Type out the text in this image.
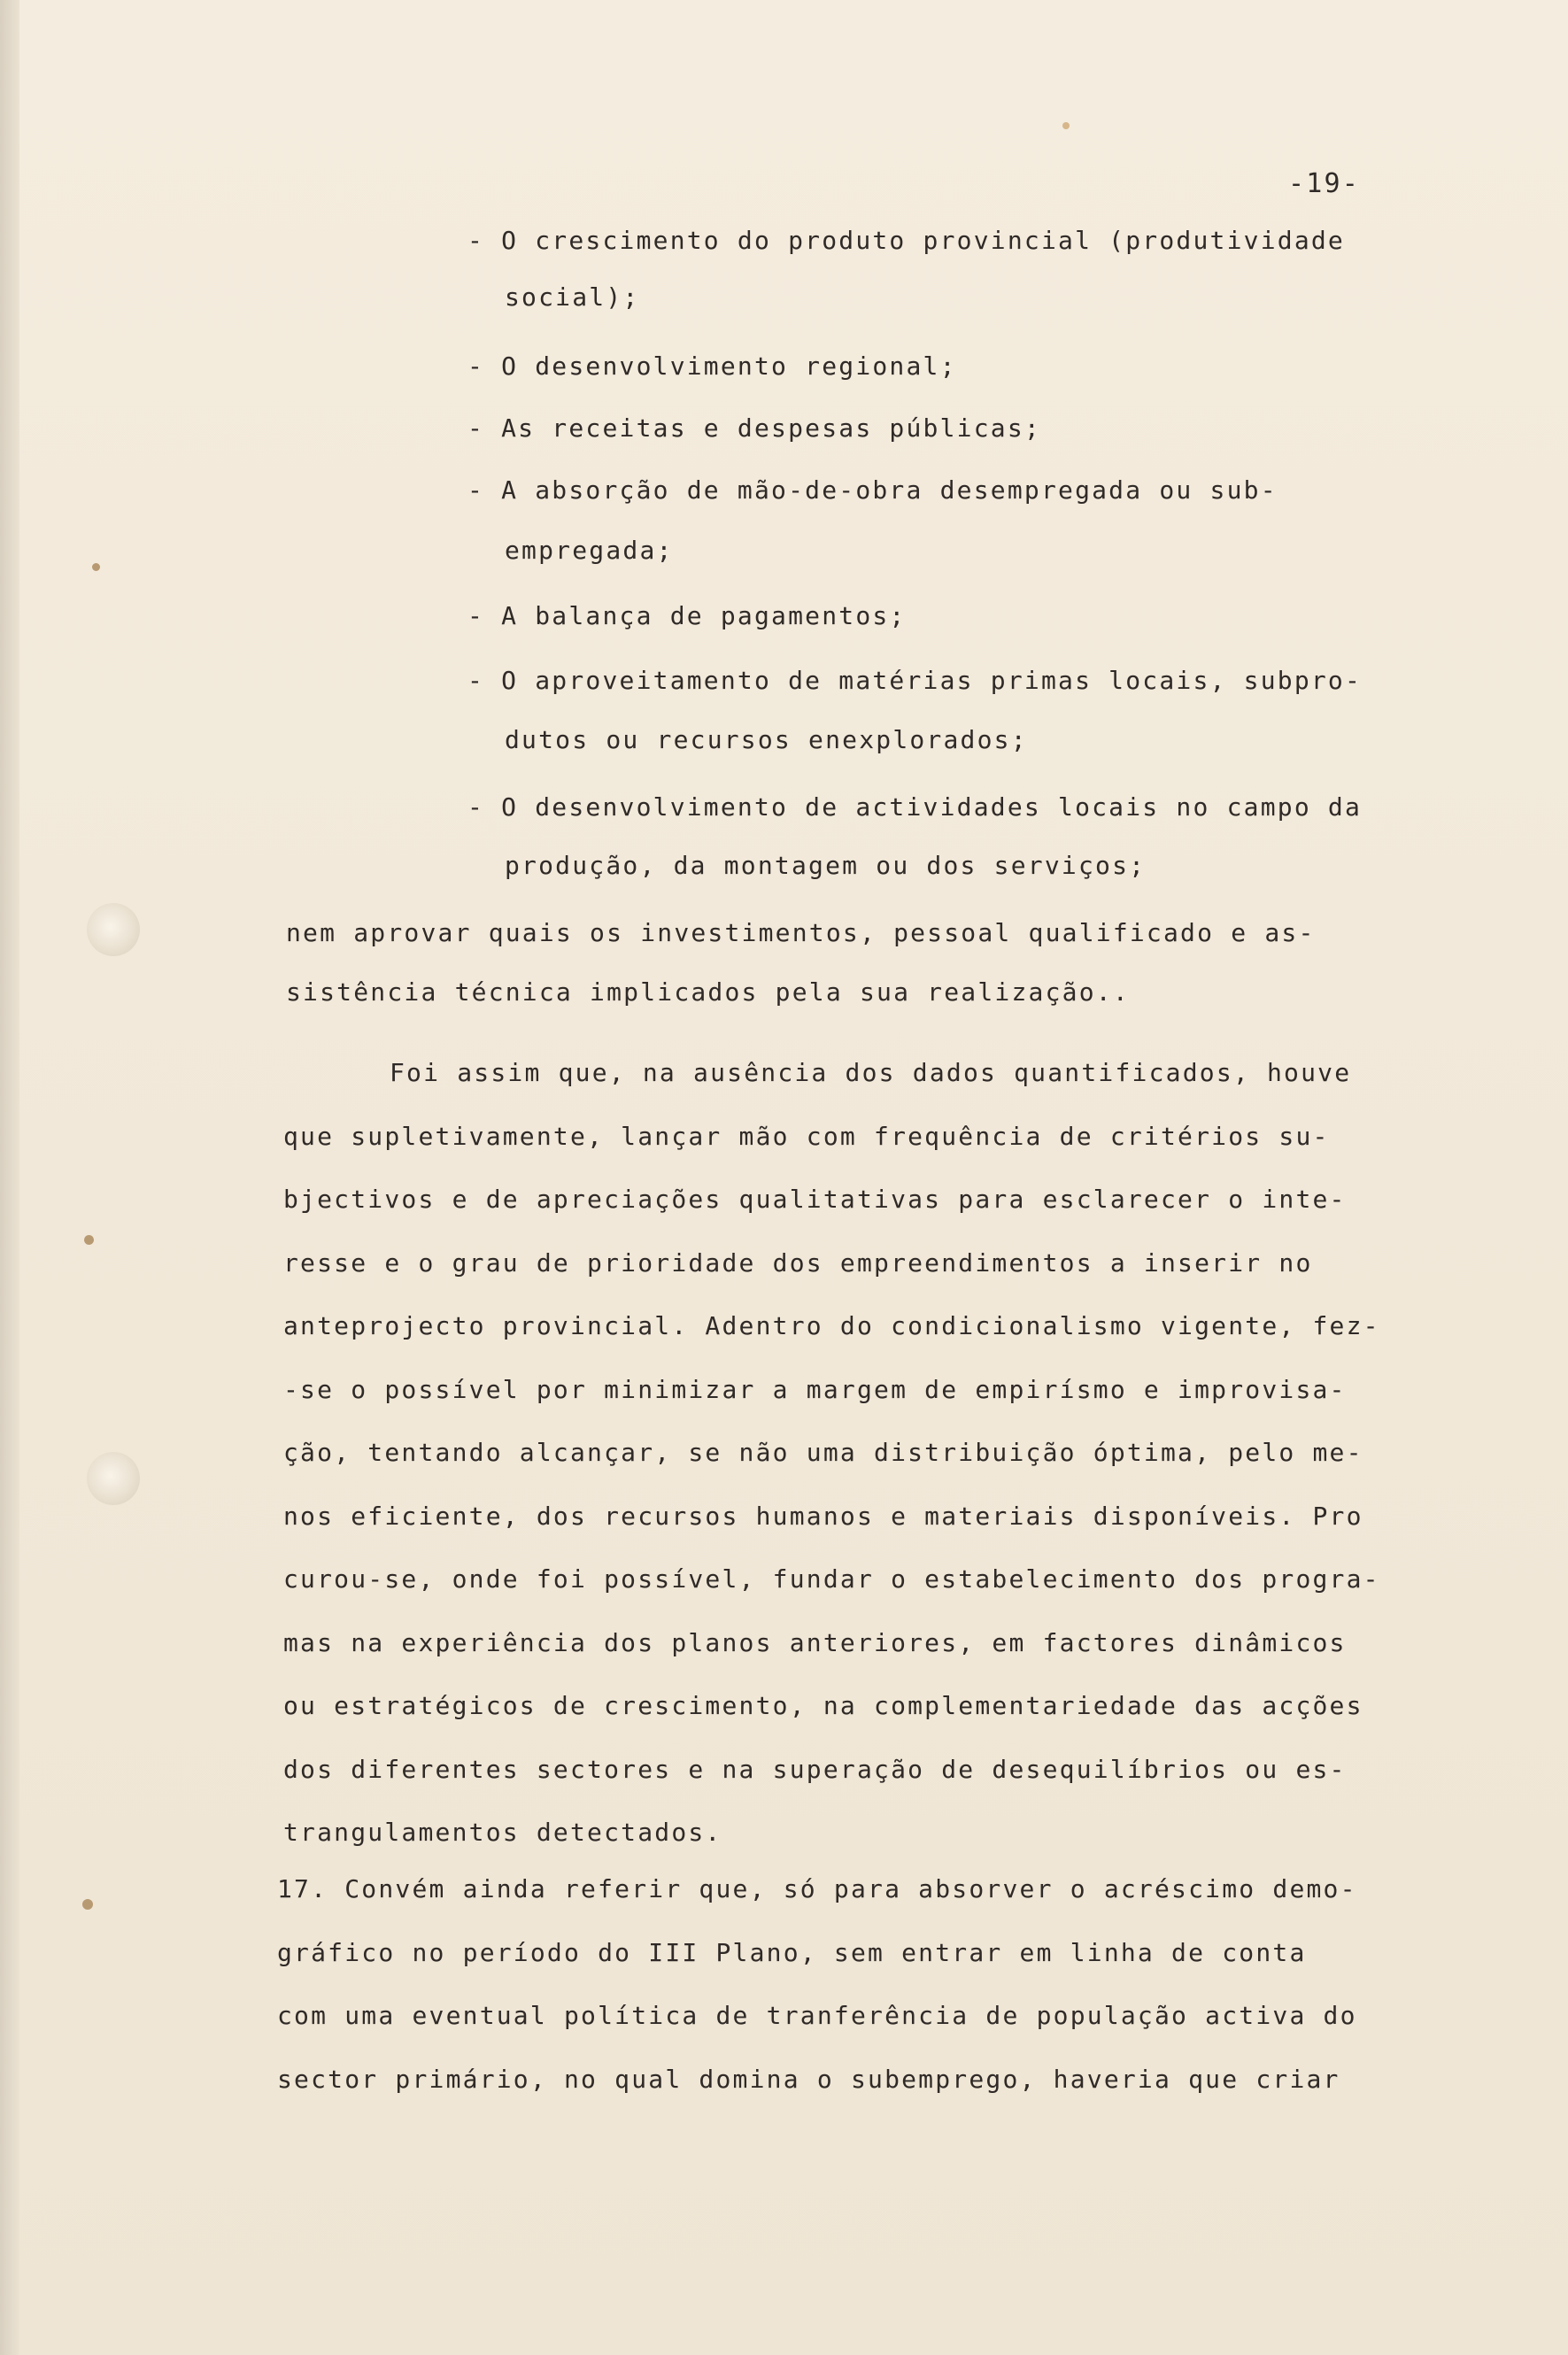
-19-
- O crescimento do produto provincial (produtividade
social);
- O desenvolvimento regional;
- As receitas e despesas públicas;
- A absorção de mão-de-obra desempregada ou sub-
empregada;
- A balança de pagamentos;
- O aproveitamento de matérias primas locais, subpro-
dutos ou recursos enexplorados;
- O desenvolvimento de actividades locais no campo da
produção, da montagem ou dos serviços;
nem aprovar quais os investimentos, pessoal qualificado e as-
sistência técnica implicados pela sua realização..
Foi assim que, na ausência dos dados quantificados, houve
que supletivamente, lançar mão com frequência de critérios su-
bjectivos e de apreciações qualitativas para esclarecer o inte-
resse e o grau de prioridade dos empreendimentos a inserir no
anteprojecto provincial. Adentro do condicionalismo vigente, fez-
-se o possível por minimizar a margem de empirísmo e improvisa-
ção, tentando alcançar, se não uma distribuição óptima, pelo me-
nos eficiente, dos recursos humanos e materiais disponíveis. Pro
curou-se, onde foi possível, fundar o estabelecimento dos progra-
mas na experiência dos planos anteriores, em factores dinâmicos
ou estratégicos de crescimento, na complementariedade das acções
dos diferentes sectores e na superação de desequilíbrios ou es-
trangulamentos detectados.
17. Convém ainda referir que, só para absorver o acréscimo demo-
gráfico no período do III Plano, sem entrar em linha de conta
com uma eventual política de tranferência de população activa do
sector primário, no qual domina o subemprego, haveria que criar
